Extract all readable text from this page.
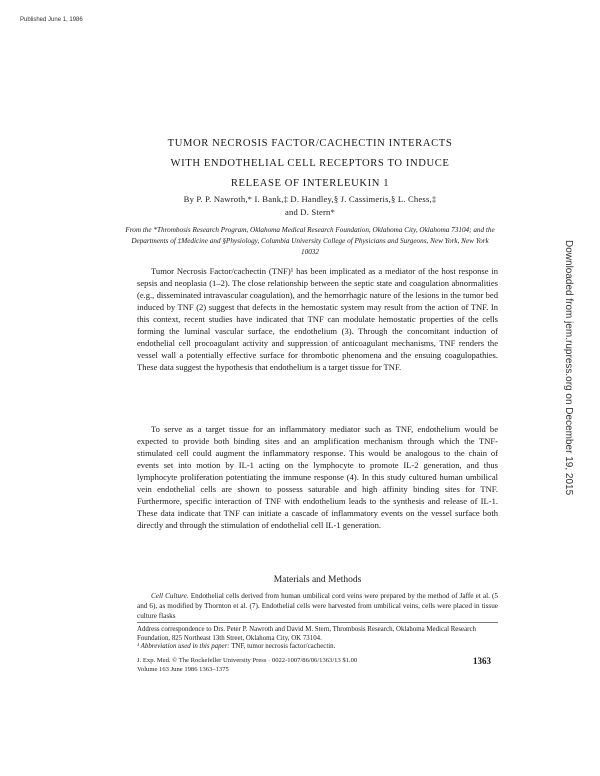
Published June 1, 1986
Downloaded from jem.rupress.org on December 19, 2015
TUMOR NECROSIS FACTOR/CACHECTIN INTERACTS
WITH ENDOTHELIAL CELL RECEPTORS TO INDUCE
RELEASE OF INTERLEUKIN 1
By P. P. Nawroth,* I. Bank,‡ D. Handley,§ J. Cassimeris,§ L. Chess,‡
and D. Stern*
From the *Thrombosis Research Program, Oklahoma Medical Research Foundation, Oklahoma City, Oklahoma 73104; and the Departments of ‡Medicine and §Physiology, Columbia University College of Physicians and Surgeons, New York, New York 10032

Tumor Necrosis Factor/cachectin (TNF)¹ has been implicated as a mediator of the host response in sepsis and neoplasia (1–2). The close relationship between the septic state and coagulation abnormalities (e.g., disseminated intravascular coagulation), and the hemorrhagic nature of the lesions in the tumor bed induced by TNF (2) suggest that defects in the hemostatic system may result from the action of TNF. In this context, recent studies have indicated that TNF can modulate hemostatic properties of the cells forming the luminal vascular surface, the endothelium (3). Through the concomitant induction of endothelial cell procoagulant activity and suppression of anticoagulant mechanisms, TNF renders the vessel wall a potentially effective surface for thrombotic phenomena and the ensuing coagulopathies. These data suggest the hypothesis that endothelium is a target tissue for TNF.

To serve as a target tissue for an inflammatory mediator such as TNF, endothelium would be expected to provide both binding sites and an amplification mechanism through which the TNF-stimulated cell could augment the inflammatory response. This would be analogous to the chain of events set into motion by IL-1 acting on the lymphocyte to promote IL-2 generation, and thus lymphocyte proliferation potentiating the immune response (4). In this study cultured human umbilical vein endothelial cells are shown to possess saturable and high affinity binding sites for TNF. Furthermore, specific interaction of TNF with endothelium leads to the synthesis and release of IL-1. These data indicate that TNF can initiate a cascade of inflammatory events on the vessel surface both directly and through the stimulation of endothelial cell IL-1 generation.

Materials and Methods

Cell Culture. Endothelial cells derived from human umbilical cord veins were prepared by the method of Jaffe et al. (5 and 6), as modified by Thornton et al. (7). Endothelial cells were harvested from umbilical veins, cells were placed in tissue culture flasks

Address correspondence to Drs. Peter P. Nawroth and David M. Stern, Thrombosis Research, Oklahoma Medical Research Foundation, 825 Northeast 13th Street, Oklahoma City, OK 73104.

¹ Abbreviation used in this paper: TNF, tumor necrosis factor/cachectin.

J. Exp. Med. © The Rockefeller University Press · 0022-1007/86/06/1363/13 $1.00
Volume 163 June 1986 1363–1375
1363
